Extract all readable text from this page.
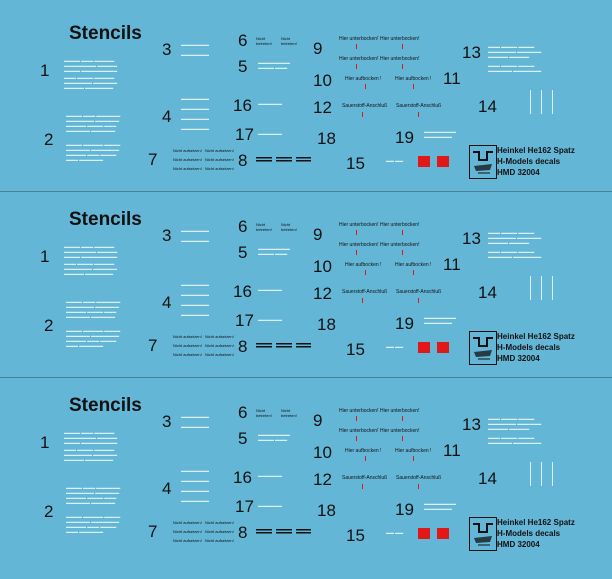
Stencils
1
2
3
4
5
6
7	8
9
10	11
12
13
14
15
16
17	18	19
▬▬▬▬ ▬▬▬ ▬▬▬▬▬
▬▬▬▬▬▬▬▬ ▬▬▬▬▬
▬▬▬▬ ▬▬▬▬▬▬▬▬▬
▬▬▬ ▬▬▬▬ ▬▬▬▬▬
▬▬▬▬▬▬▬ ▬▬▬▬▬▬
▬▬▬▬▬ ▬▬▬▬▬▬▬
▬▬▬▬ ▬▬▬ ▬▬▬▬▬▬
▬▬▬▬▬▬▬ ▬▬▬▬▬▬
▬▬▬▬▬ ▬▬▬▬ ▬▬▬
▬▬▬▬▬▬ ▬▬▬▬▬▬
▬▬▬▬ ▬▬▬▬▬ ▬▬▬▬
▬▬▬▬▬▬ ▬▬▬▬▬▬▬
▬▬▬▬▬ ▬▬▬ ▬▬▬▬
▬▬▬ ▬▬▬▬▬▬
▬▬▬▬▬▬▬

▬▬▬▬▬▬▬
▬▬▬▬▬▬▬

▬▬▬▬▬▬▬

▬▬▬▬▬▬▬

▬▬▬▬▬▬▬
▬▬▬▬▬▬▬▬
▬▬▬▬ ▬▬▬
▬▬▬▬▬▬
▬▬▬▬▬▬
▬▬▬ ▬▬▬▬ ▬▬▬▬
▬▬▬▬▬▬▬ ▬▬▬▬▬▬
▬▬▬▬▬ ▬▬▬▬▬
▬▬▬ ▬▬▬▬ ▬▬▬▬
▬▬▬▬▬▬ ▬▬▬▬▬▬▬
▬▬▬▬▬▬▬▬
▬▬▬▬▬▬▬
▬▬ ▬▬
Nicht betreten!
Nicht betreten!
Hier unterbocken! Hier unterbocken!
Hier unterbocken! Hier unterbocken!
Hier aufbocken !	Hier aufbocken !
Sauerstoff-Anschluß Sauerstoff-Anschluß
Nicht aufsetzen! Nicht aufsetzen!
Nicht aufsetzen! Nicht aufsetzen!
Nicht aufsetzen! Nicht aufsetzen!
Heinkel He162 Spatz
H-Models decals
HMD 32004
Stencils
1
2
3
4
5
6
7	8
9
10	11
12
13
14
15
16
17	18	19
▬▬▬▬ ▬▬▬ ▬▬▬▬▬
▬▬▬▬▬▬▬▬ ▬▬▬▬▬
▬▬▬▬ ▬▬▬▬▬▬▬▬▬
▬▬▬ ▬▬▬▬ ▬▬▬▬▬
▬▬▬▬▬▬▬ ▬▬▬▬▬▬
▬▬▬▬▬ ▬▬▬▬▬▬▬
▬▬▬▬ ▬▬▬ ▬▬▬▬▬▬
▬▬▬▬▬▬▬ ▬▬▬▬▬▬
▬▬▬▬▬ ▬▬▬▬ ▬▬▬
▬▬▬▬▬▬ ▬▬▬▬▬▬
▬▬▬▬ ▬▬▬▬▬ ▬▬▬▬
▬▬▬▬▬▬ ▬▬▬▬▬▬▬
▬▬▬▬▬ ▬▬▬ ▬▬▬▬
▬▬▬ ▬▬▬▬▬▬
▬▬▬▬▬▬▬

▬▬▬▬▬▬▬
▬▬▬▬▬▬▬

▬▬▬▬▬▬▬

▬▬▬▬▬▬▬

▬▬▬▬▬▬▬
▬▬▬▬▬▬▬▬
▬▬▬▬ ▬▬▬
▬▬▬▬▬▬
▬▬▬▬▬▬
▬▬▬ ▬▬▬▬ ▬▬▬▬
▬▬▬▬▬▬▬ ▬▬▬▬▬▬
▬▬▬▬▬ ▬▬▬▬▬
▬▬▬ ▬▬▬▬ ▬▬▬▬
▬▬▬▬▬▬ ▬▬▬▬▬▬▬
▬▬▬▬▬▬▬▬
▬▬▬▬▬▬▬
▬▬ ▬▬
Nicht betreten!
Nicht betreten!
Hier unterbocken! Hier unterbocken!
Hier unterbocken! Hier unterbocken!
Hier aufbocken !	Hier aufbocken !
Sauerstoff-Anschluß Sauerstoff-Anschluß
Nicht aufsetzen! Nicht aufsetzen!
Nicht aufsetzen! Nicht aufsetzen!
Nicht aufsetzen! Nicht aufsetzen!
Heinkel He162 Spatz
H-Models decals
HMD 32004
Stencils
1
2
3
4
5
6
7	8
9
10	11
12
13
14
15
16
17	18	19
▬▬▬▬ ▬▬▬ ▬▬▬▬▬
▬▬▬▬▬▬▬▬ ▬▬▬▬▬
▬▬▬▬ ▬▬▬▬▬▬▬▬▬
▬▬▬ ▬▬▬▬ ▬▬▬▬▬
▬▬▬▬▬▬▬ ▬▬▬▬▬▬
▬▬▬▬▬ ▬▬▬▬▬▬▬
▬▬▬▬ ▬▬▬ ▬▬▬▬▬▬
▬▬▬▬▬▬▬ ▬▬▬▬▬▬
▬▬▬▬▬ ▬▬▬▬ ▬▬▬
▬▬▬▬▬▬ ▬▬▬▬▬▬
▬▬▬▬ ▬▬▬▬▬ ▬▬▬▬
▬▬▬▬▬▬ ▬▬▬▬▬▬▬
▬▬▬▬▬ ▬▬▬ ▬▬▬▬
▬▬▬ ▬▬▬▬▬▬
▬▬▬▬▬▬▬

▬▬▬▬▬▬▬
▬▬▬▬▬▬▬

▬▬▬▬▬▬▬

▬▬▬▬▬▬▬

▬▬▬▬▬▬▬
▬▬▬▬▬▬▬▬
▬▬▬▬ ▬▬▬
▬▬▬▬▬▬
▬▬▬▬▬▬
▬▬▬ ▬▬▬▬ ▬▬▬▬
▬▬▬▬▬▬▬ ▬▬▬▬▬▬
▬▬▬▬▬ ▬▬▬▬▬
▬▬▬ ▬▬▬▬ ▬▬▬▬
▬▬▬▬▬▬ ▬▬▬▬▬▬▬
▬▬▬▬▬▬▬▬
▬▬▬▬▬▬▬
▬▬ ▬▬
Nicht betreten!
Nicht betreten!
Hier unterbocken! Hier unterbocken!
Hier unterbocken! Hier unterbocken!
Hier aufbocken !	Hier aufbocken !
Sauerstoff-Anschluß Sauerstoff-Anschluß
Nicht aufsetzen! Nicht aufsetzen!
Nicht aufsetzen! Nicht aufsetzen!
Nicht aufsetzen! Nicht aufsetzen!
Heinkel He162 Spatz
H-Models decals
HMD 32004
